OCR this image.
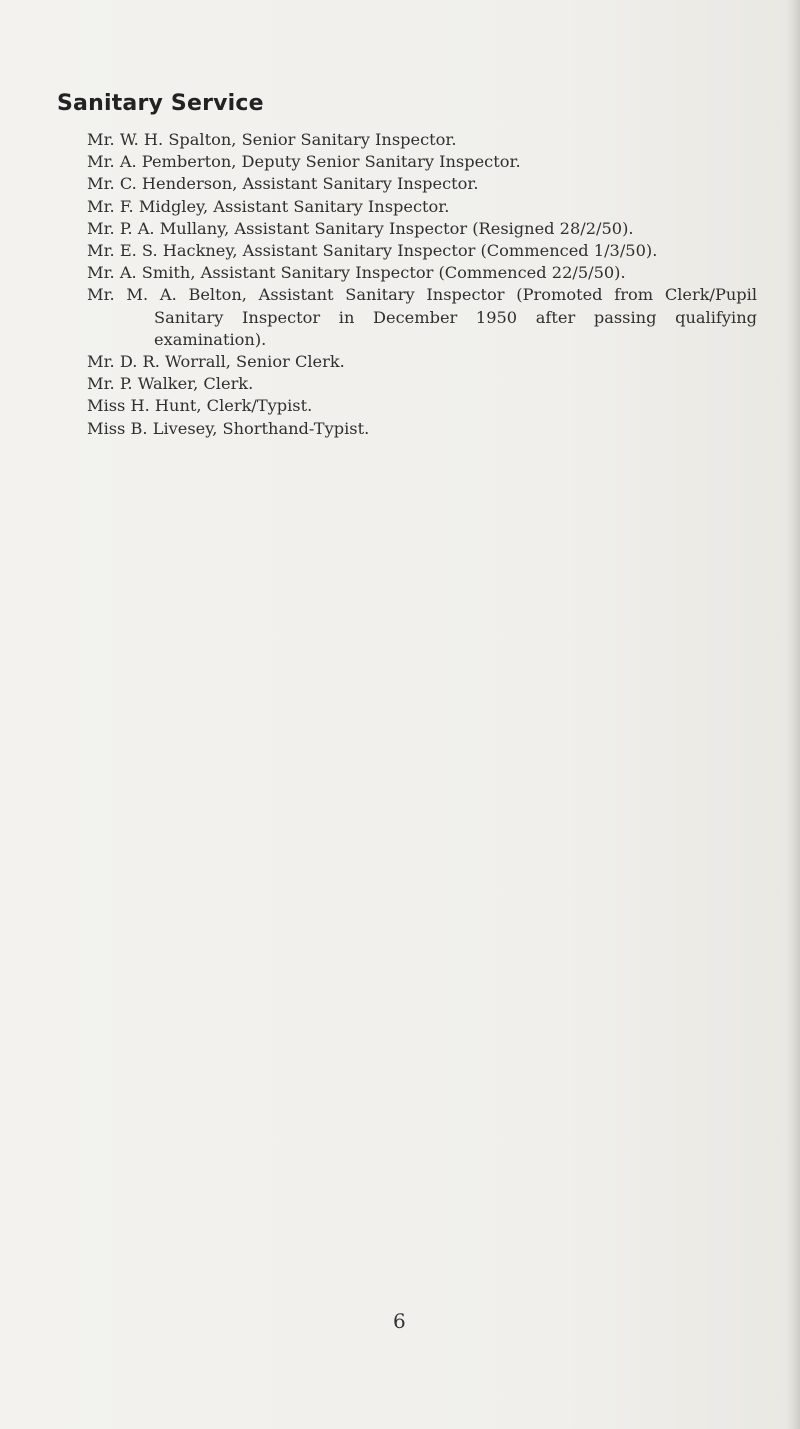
Sanitary Service
Mr. W. H. Spalton, Senior Sanitary Inspector.
Mr. A. Pemberton, Deputy Senior Sanitary Inspector.
Mr. C. Henderson, Assistant Sanitary Inspector.
Mr. F. Midgley, Assistant Sanitary Inspector.
Mr. P. A. Mullany, Assistant Sanitary Inspector (Resigned 28/2/50).
Mr. E. S. Hackney, Assistant Sanitary Inspector (Commenced 1/3/50).
Mr. A. Smith, Assistant Sanitary Inspector (Commenced 22/5/50).
Mr. M. A. Belton, Assistant Sanitary Inspector (Promoted from Clerk/Pupil Sanitary Inspector in December 1950 after passing qualifying examination).
Mr. D. R. Worrall, Senior Clerk.
Mr. P. Walker, Clerk.
Miss H. Hunt, Clerk/Typist.
Miss B. Livesey, Shorthand-Typist.
6
